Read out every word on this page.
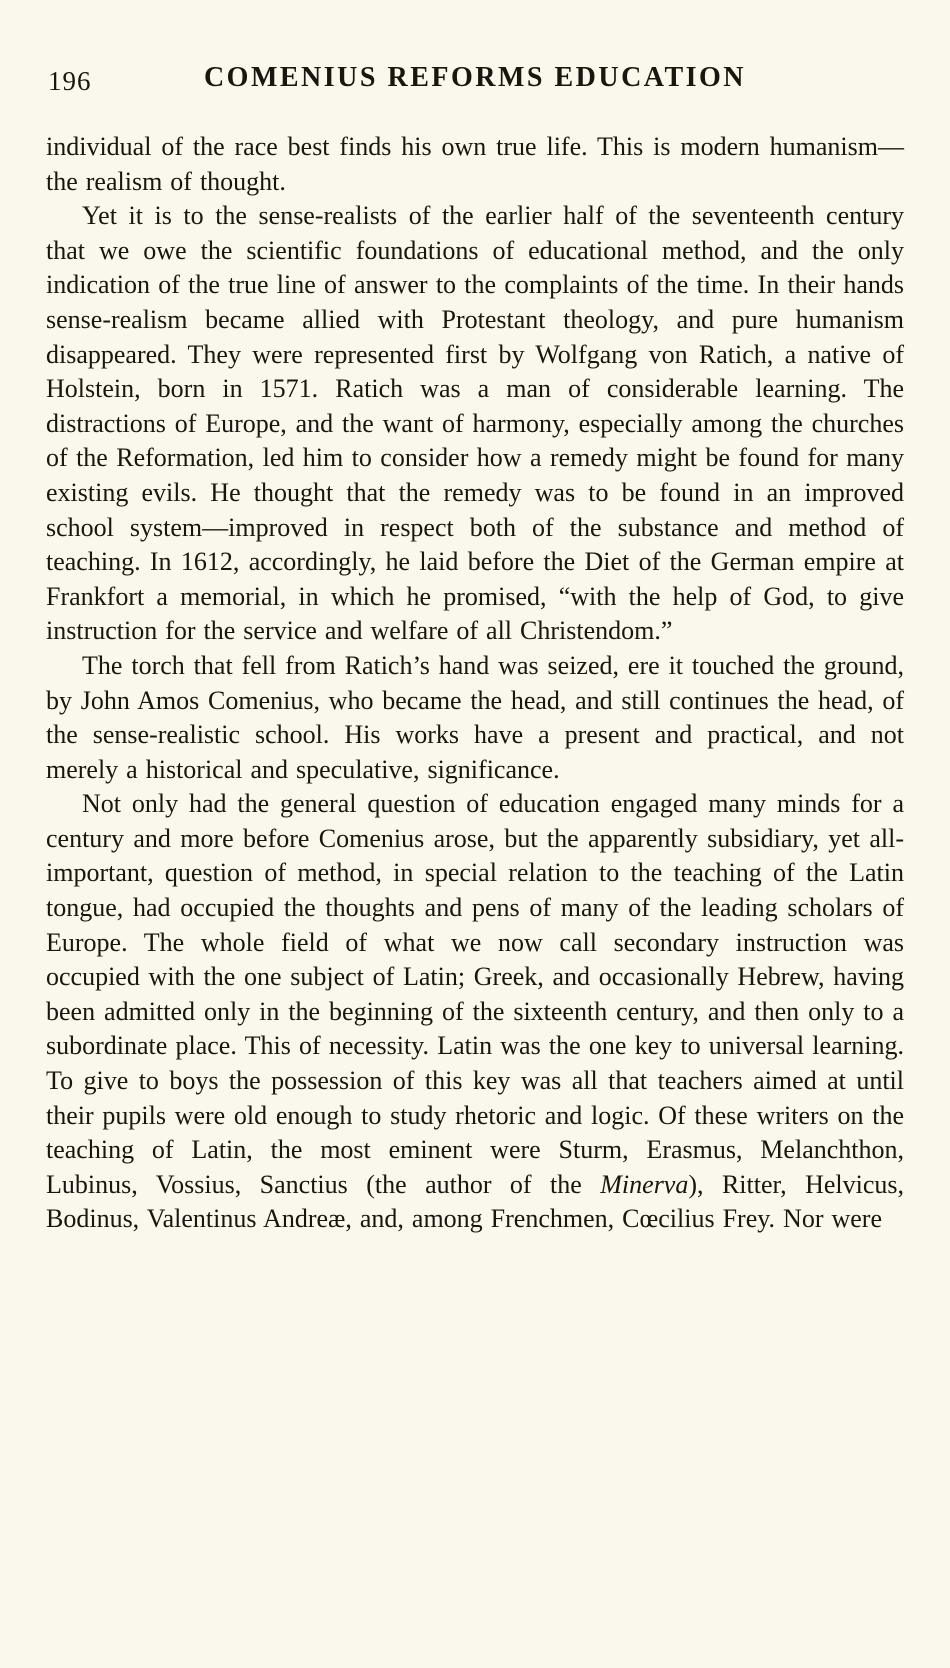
196	COMENIUS REFORMS EDUCATION

individual of the race best finds his own true life. This is modern humanism—the realism of thought.

Yet it is to the sense-realists of the earlier half of the seventeenth century that we owe the scientific foundations of educational method, and the only indication of the true line of answer to the complaints of the time. In their hands sense-realism became allied with Protestant theology, and pure humanism disappeared. They were represented first by Wolfgang von Ratich, a native of Holstein, born in 1571. Ratich was a man of considerable learning. The distractions of Europe, and the want of harmony, especially among the churches of the Reformation, led him to consider how a remedy might be found for many existing evils. He thought that the remedy was to be found in an improved school system—improved in respect both of the substance and method of teaching. In 1612, accordingly, he laid before the Diet of the German empire at Frankfort a memorial, in which he promised, “with the help of God, to give instruction for the service and welfare of all Christendom.”

The torch that fell from Ratich’s hand was seized, ere it touched the ground, by John Amos Comenius, who became the head, and still continues the head, of the sense-realistic school. His works have a present and practical, and not merely a historical and speculative, significance.

Not only had the general question of education engaged many minds for a century and more before Comenius arose, but the apparently subsidiary, yet all-important, question of method, in special relation to the teaching of the Latin tongue, had occupied the thoughts and pens of many of the leading scholars of Europe. The whole field of what we now call secondary instruction was occupied with the one subject of Latin; Greek, and occasionally Hebrew, having been admitted only in the beginning of the sixteenth century, and then only to a subordinate place. This of necessity. Latin was the one key to universal learning. To give to boys the possession of this key was all that teachers aimed at until their pupils were old enough to study rhetoric and logic. Of these writers on the teaching of Latin, the most eminent were Sturm, Erasmus, Melanchthon, Lubinus, Vossius, Sanctius (the author of the Minerva), Ritter, Helvicus, Bodinus, Valentinus Andreæ, and, among Frenchmen, Cœcilius Frey. Nor were
